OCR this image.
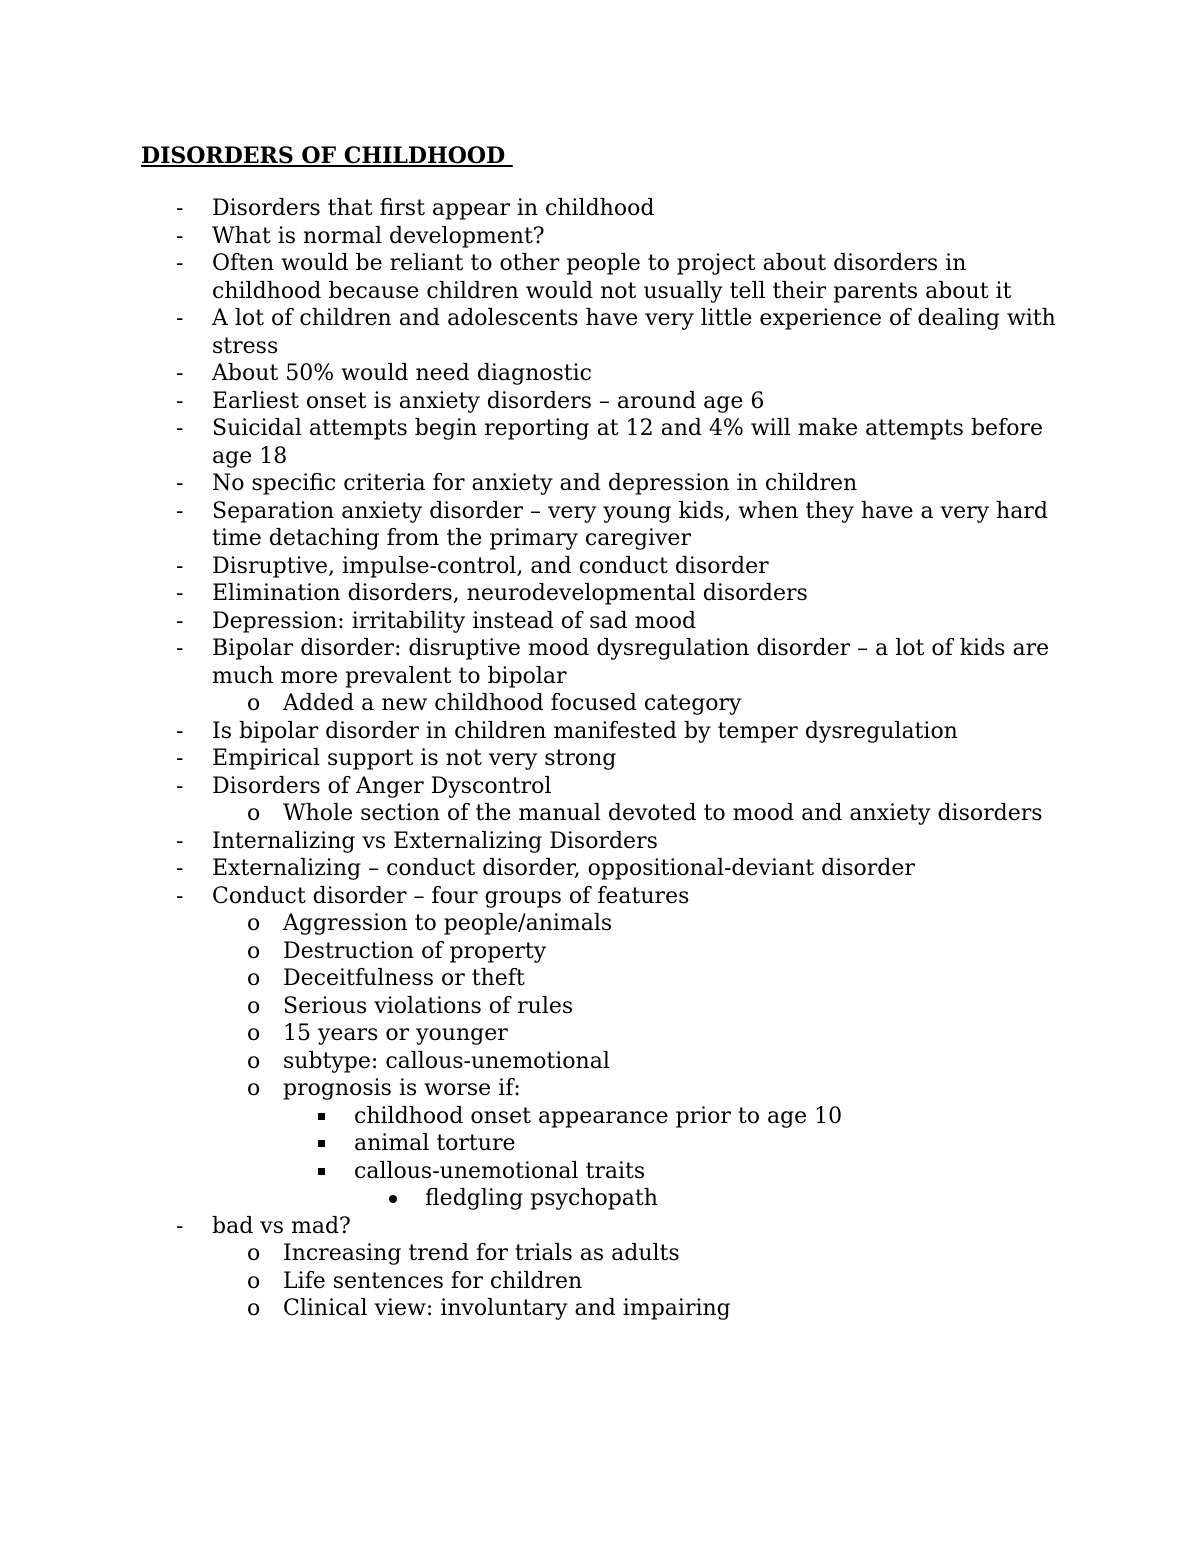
DISORDERS OF CHILDHOOD
- Disorders that first appear in childhood
- What is normal development?
- Often would be reliant to other people to project about disorders in childhood because children would not usually tell their parents about it
- A lot of children and adolescents have very little experience of dealing with stress
- About 50% would need diagnostic
- Earliest onset is anxiety disorders – around age 6
- Suicidal attempts begin reporting at 12 and 4% will make attempts before age 18
- No specific criteria for anxiety and depression in children
- Separation anxiety disorder – very young kids, when they have a very hard time detaching from the primary caregiver
- Disruptive, impulse-control, and conduct disorder
- Elimination disorders, neurodevelopmental disorders
- Depression: irritability instead of sad mood
- Bipolar disorder: disruptive mood dysregulation disorder – a lot of kids are much more prevalent to bipolar
o Added a new childhood focused category
- Is bipolar disorder in children manifested by temper dysregulation
- Empirical support is not very strong
- Disorders of Anger Dyscontrol
o Whole section of the manual devoted to mood and anxiety disorders
- Internalizing vs Externalizing Disorders
- Externalizing – conduct disorder, oppositional-deviant disorder
- Conduct disorder – four groups of features
o Aggression to people/animals
o Destruction of property
o Deceitfulness or theft
o Serious violations of rules
o 15 years or younger
o subtype: callous-unemotional
o prognosis is worse if:
childhood onset appearance prior to age 10
animal torture
callous-unemotional traits
fledgling psychopath
- bad vs mad?
o Increasing trend for trials as adults
o Life sentences for children
o Clinical view: involuntary and impairing
